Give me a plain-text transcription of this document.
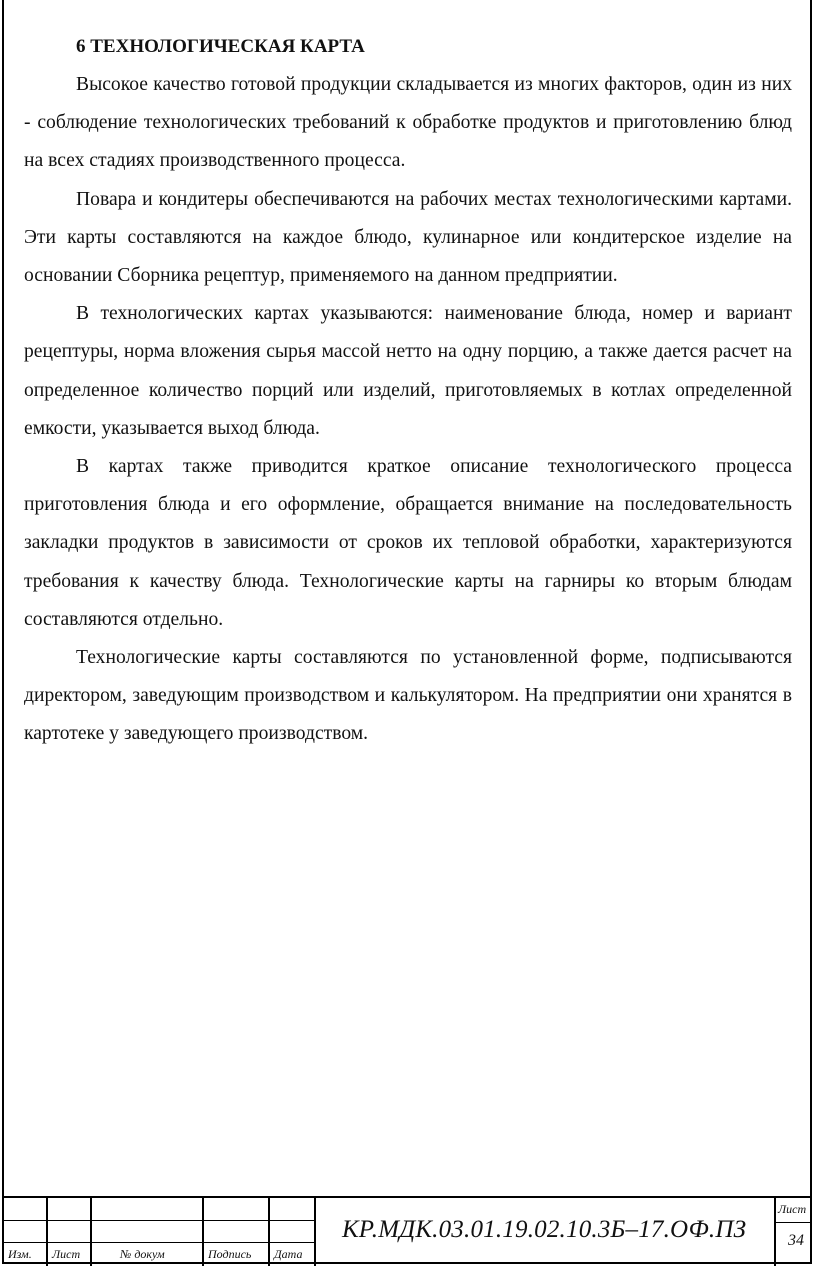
6 ТЕХНОЛОГИЧЕСКАЯ КАРТА

Высокое качество готовой продукции складывается из многих факторов, один из них - соблюдение технологических требований к обработке продуктов и приготовлению блюд на всех стадиях производственного процесса.

Повара и кондитеры обеспечиваются на рабочих местах технологическими картами. Эти карты составляются на каждое блюдо, кулинарное или кондитерское изделие на основании Сборника рецептур, применяемого на данном предприятии.

В технологических картах указываются: наименование блюда, номер и вариант рецептуры, норма вложения сырья массой нетто на одну порцию, а также дается расчет на определенное количество порций или изделий, приготовляемых в котлах определенной емкости, указывается выход блюда.

В картах также приводится краткое описание технологического процесса приготовления блюда и его оформление, обращается внимание на последовательность закладки продуктов в зависимости от сроков их тепловой обработки, характеризуются требования к качеству блюда. Технологические карты на гарниры ко вторым блюдам составляются отдельно.

Технологические карты составляются по установленной форме, подписываются директором, заведующим производством и калькулятором. На предприятии они хранятся в картотеке у заведующего производством.

Изм. Лист	№ докум	Подпись Дата
КР.МДК.03.01.19.02.10.3Б–17.ОФ.ПЗ
Лист
34
